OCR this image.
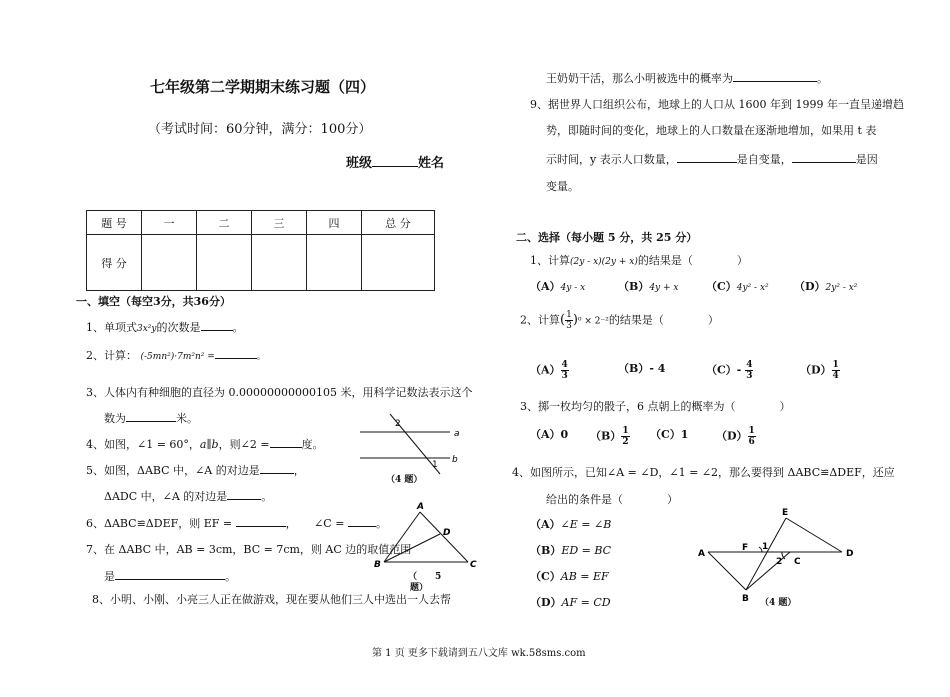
七年级第二学期期末练习题（四）
（考试时间：60分钟，满分：100分）
班级	姓名
题 号	一	二	三	四	总 分
得 分					
一、填空（每空3分，共36分）
1、单项式3x²y的次数是	。
2、计算： (-5mn²)·7m²n² =	。
3、人体内有种细胞的直径为 0.00000000000105 米，用科学记数法表示这个
数为	米。
4、如图，∠1 = 60°，a∥b，则∠2 =	度。
5、如图，ΔABC 中，∠A 的对边是	，
ΔADC 中，∠A 的对边是	。
6、ΔABC≌ΔDEF，则 EF =	， ∠C =	。
7、在 ΔABC 中，AB = 3cm，BC = 7cm，则 AC 边的取值范围
是	。
8、小明、小刚、小亮三人正在做游戏，现在要从他们三人中选出一人去帮
2
1
a
b
（4 题）
A
D
B	C
（　　5
题）
王奶奶干活，那么小明被选中的概率为	。
9、据世界人口组织公布，地球上的人口从 1600 年到 1999 年一直呈递增趋
势，即随时间的变化，地球上的人口数量在逐渐地增加，如果用 t 表
示时间，y 表示人口数量，	是自变量，	是因
变量。
二、选择（每小题 5 分，共 25 分）
1、计算(2y - x)(2y + x)的结果是（　　　　）
（A）4y - x	（B）4y + x	（C）4y² - x² （D）2y² - x²
2、计算( $\frac{1}{3} )^0 \times 2^{-2}$的结果是（　　　　）
$(A) \frac{4}{3}$	（B）- 4	$(C)- \frac{4}{3}$	$(D) \frac{1}{4}$
3、掷一枚均匀的骰子，6 点朝上的概率为（　　　　）
（A）0 $(B) \frac{1}{2} (C)1$	$(D) \frac{1}{6}$
4、如图所示，已知∠A = ∠D，∠1 = ∠2，那么要得到 ΔABC≌ΔDEF，还应
给出的条件是（　　　　）
（A）∠E = ∠B
（B）ED = BC
（C）AB = EF
（D）AF = CD
E
F 1
A	D
2 C
B （4 题）
第 1 页 更多下载请到五八文库 wk.58sms.com
